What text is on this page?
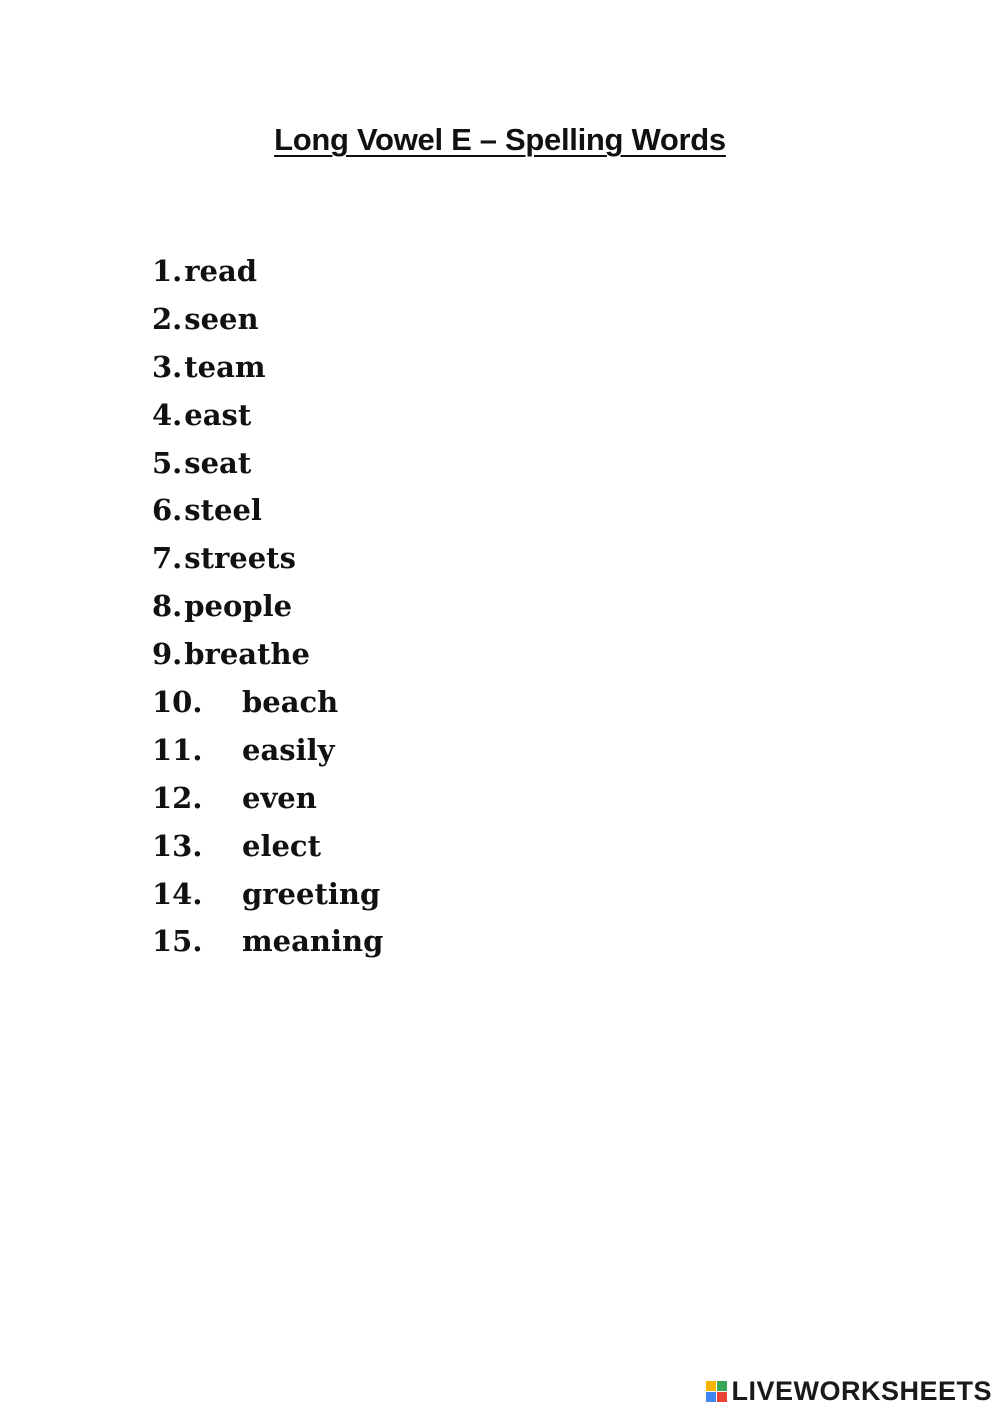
Long Vowel E – Spelling Words
1.read
2.seen
3.team
4.east
5.seat
6.steel
7.streets
8.people
9.breathe
10. beach
11. easily
12. even
13. elect
14. greeting
15. meaning
LIVEWORKSHEETS
